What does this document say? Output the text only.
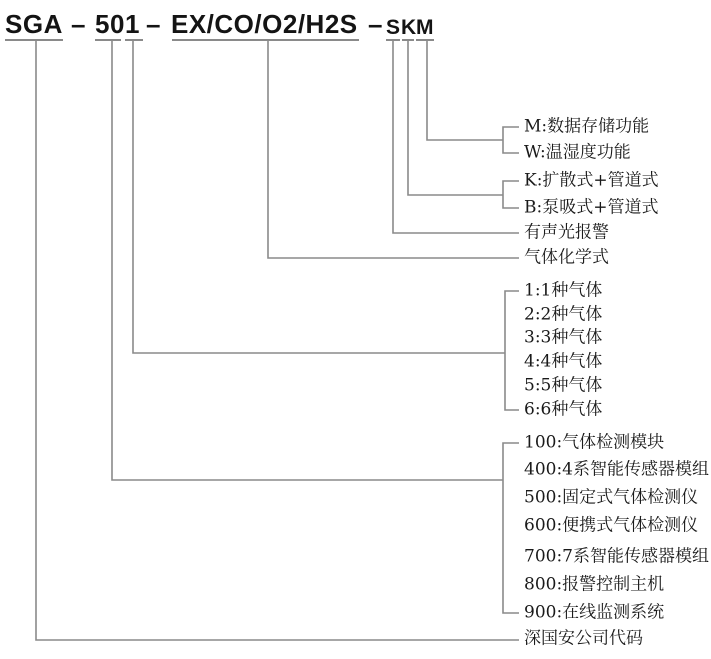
SGA – 50 1 – EX/CO/O2/H2S – S K M
M:数据存储功能
W:温湿度功能
K:扩散式+管道式
B:泵吸式+管道式
有声光报警
气体化学式
1:1种气体
2:2种气体
3:3种气体
4:4种气体
5:5种气体
6:6种气体
100:气体检测模块
400:4系智能传感器模组
500:固定式气体检测仪
600:便携式气体检测仪
700:7系智能传感器模组
800:报警控制主机
900:在线监测系统
深国安公司代码
